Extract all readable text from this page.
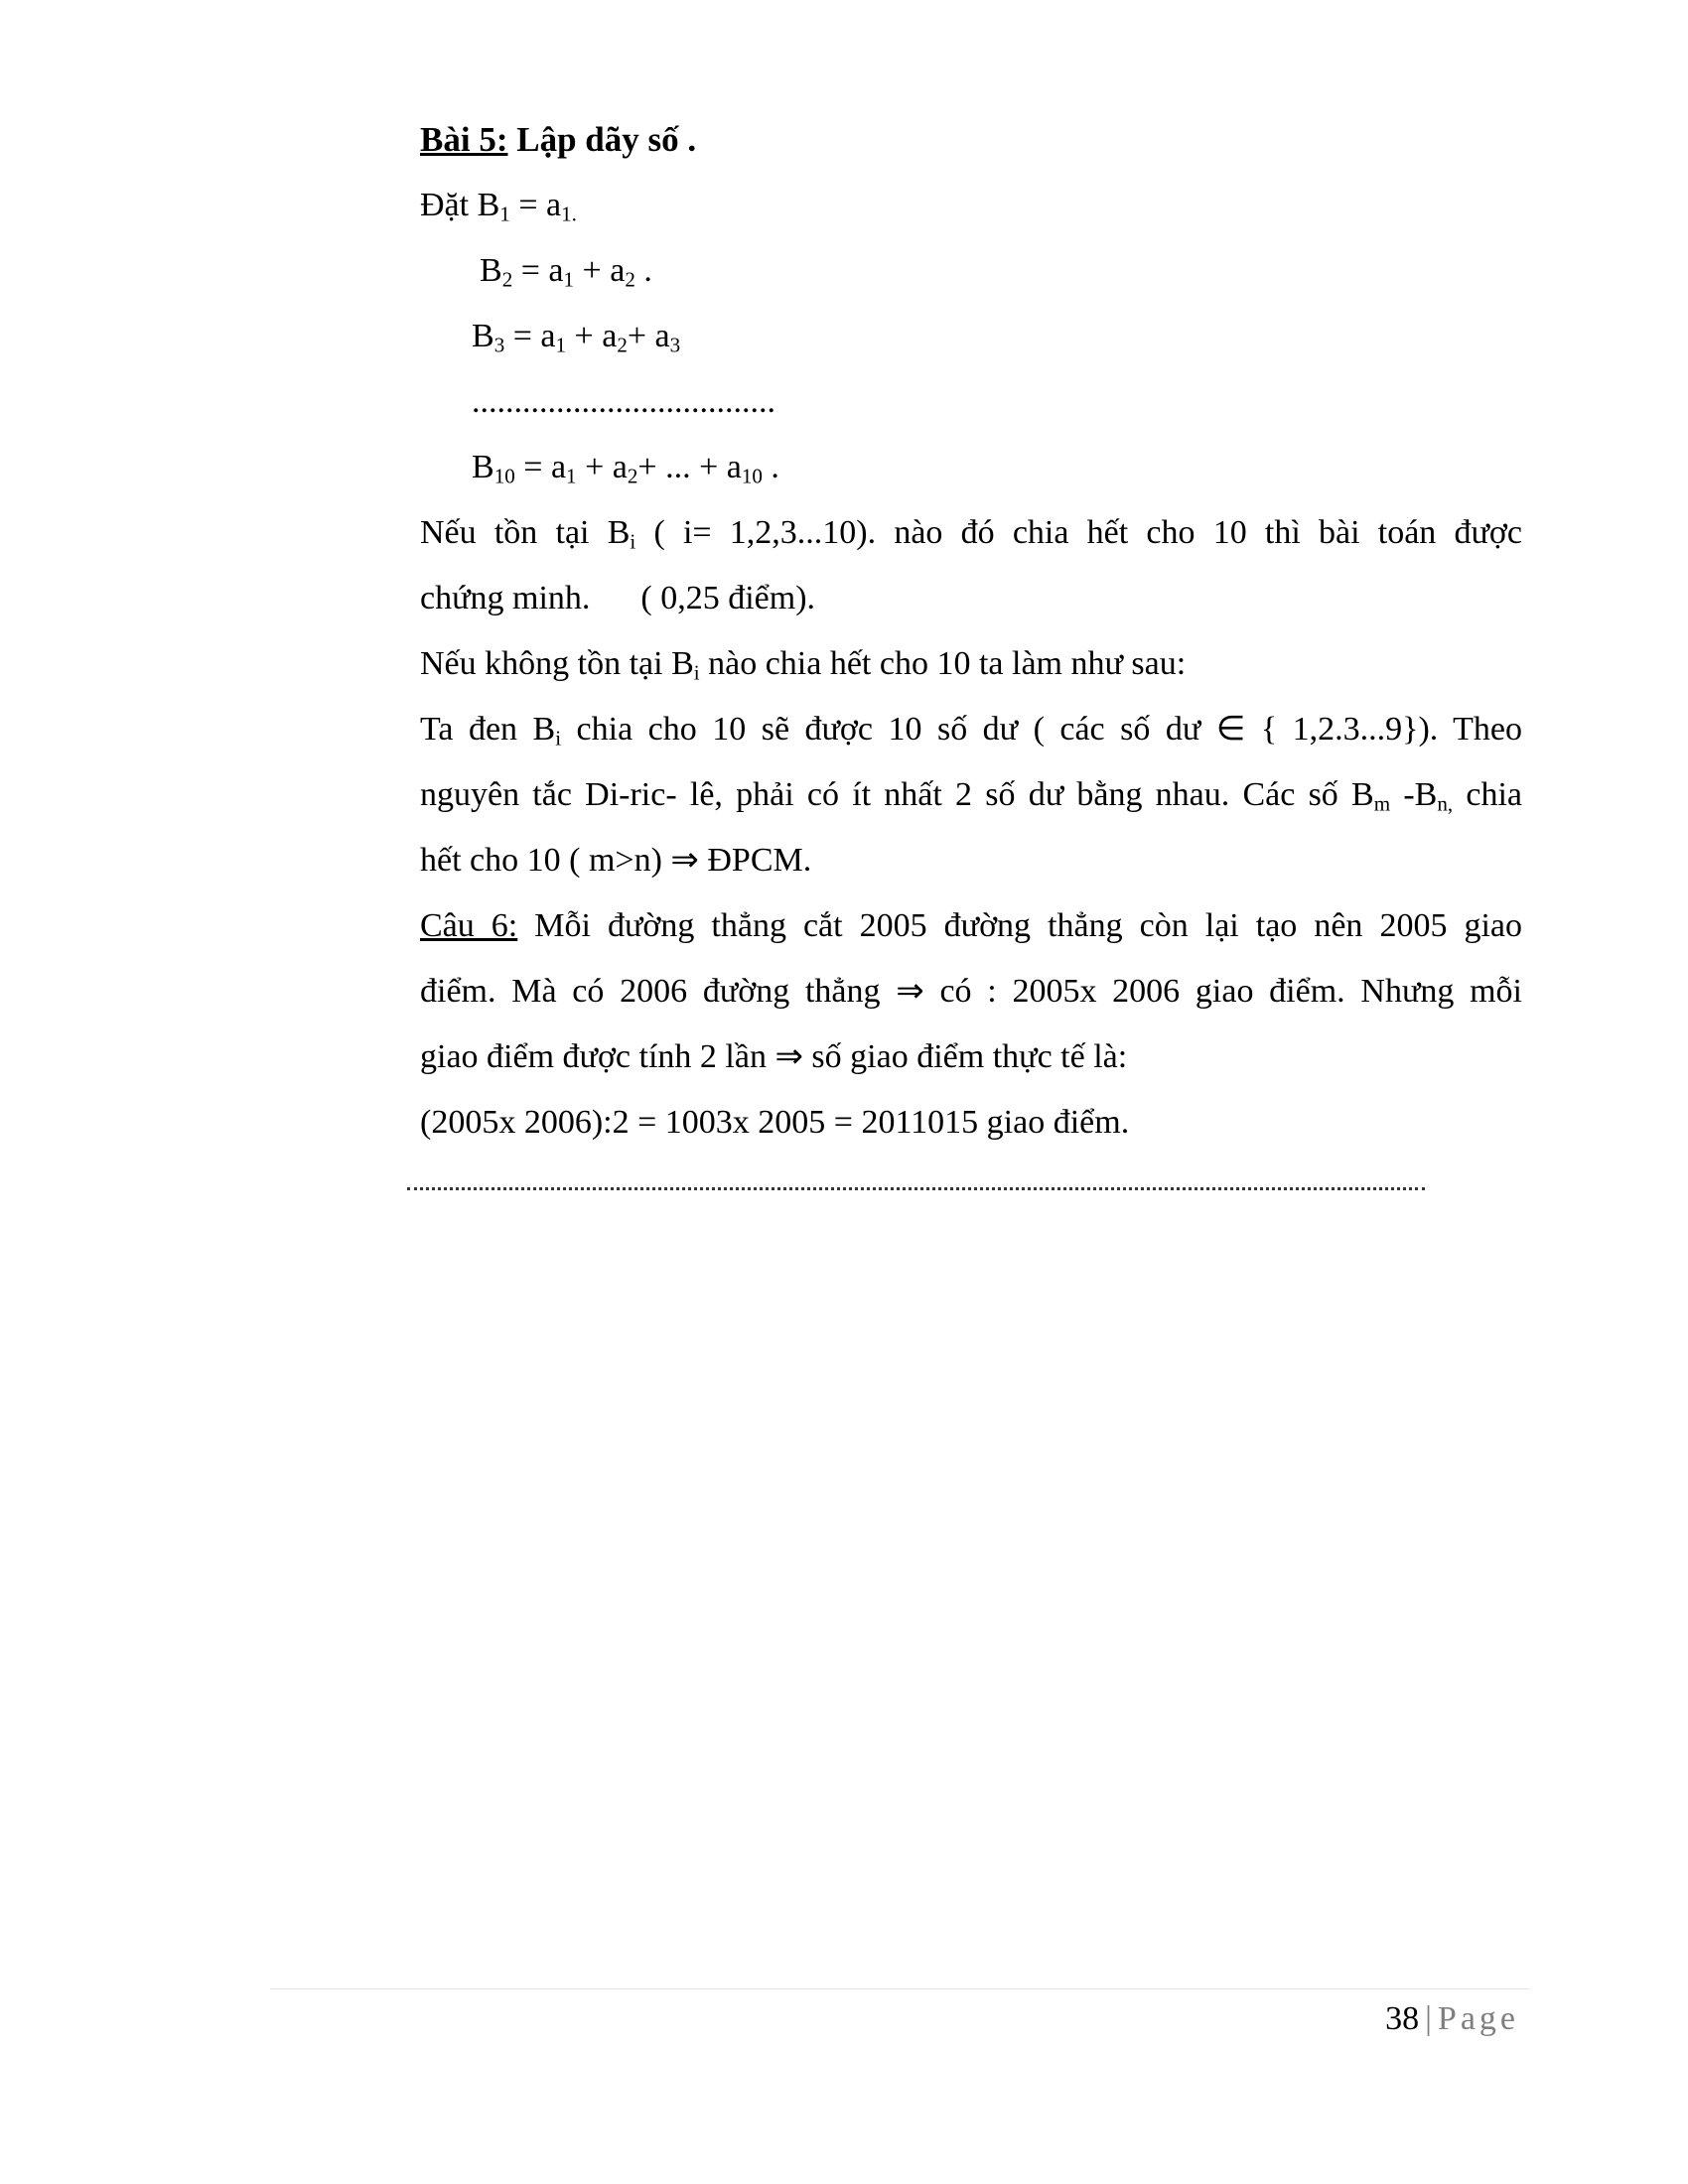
Bài 5: Lập dãy số .
Đặt $B_1 = a_{1.}$
$B_2 = a_1 + a_2$ .
$B_3 = a_1 + a_2+ a_3$
....................................
$B_{10} = a_1 + a_2+$ ... + $a_{10}$ .
Nếu tồn tại $B_i$ ( i= 1,2,3...10). nào đó chia hết cho 10 thì bài toán được
chứng minh.      ( 0,25 điểm).
Nếu không tồn tại $B_i$ nào chia hết cho 10 ta làm như sau:
Ta đen $B_i$ chia cho 10 sẽ được 10 số dư ( các số dư ∈ { 1,2.3...9}). Theo
nguyên tắc Di-ric- lê, phải có ít nhất 2 số dư bằng nhau. Các số $B_m$ $-B_{n,}$ chia
hết cho 10 ( m>n) ⇒ ĐPCM.
Câu 6: Mỗi đường thẳng cắt 2005 đường thẳng còn lại tạo nên 2005 giao
điểm. Mà có 2006 đường thẳng ⇒ có : 2005x 2006 giao điểm. Nhưng mỗi
giao điểm được tính 2 lần ⇒ số giao điểm thực tế là:
(2005x 2006):2 = 1003x 2005 = 2011015 giao điểm.
38 | Page
